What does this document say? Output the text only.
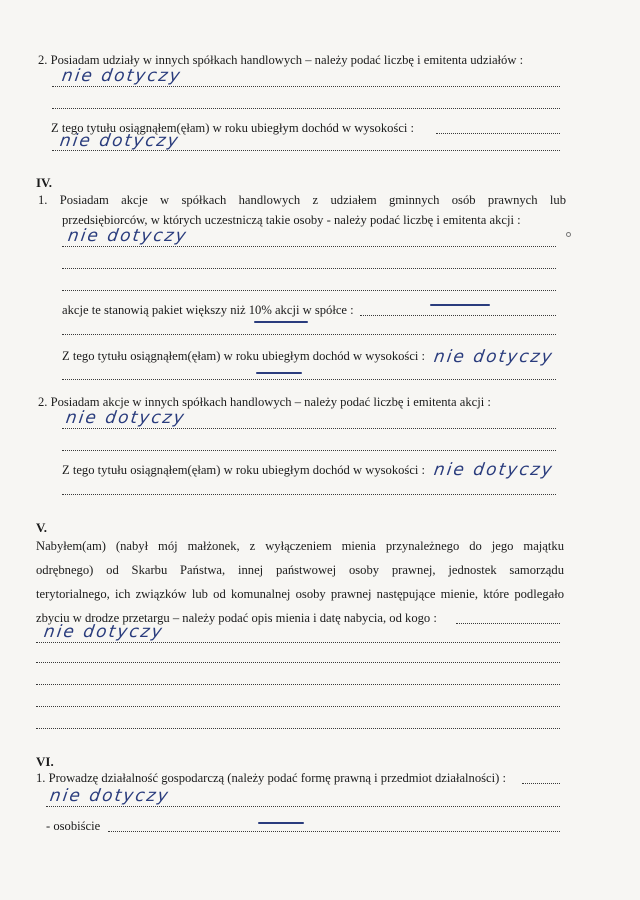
2. Posiadam udziały w innych spółkach handlowych – należy podać liczbę i emitenta udziałów :
nie dotyczy
Z tego tytułu osiągnąłem(ęłam) w roku ubiegłym dochód w wysokości :
nie dotyczy
IV.
1. Posiadam akcje w spółkach handlowych z udziałem gminnych osób prawnych lub
przedsiębiorców, w których uczestniczą takie osoby - należy podać liczbę i emitenta akcji :
nie dotyczy
akcje te stanowią pakiet większy niż 10% akcji w spółce :
Z tego tytułu osiągnąłem(ęłam) w roku ubiegłym dochód w wysokości : nie dotyczy
2. Posiadam akcje w innych spółkach handlowych – należy podać liczbę i emitenta akcji :
nie dotyczy
Z tego tytułu osiągnąłem(ęłam) w roku ubiegłym dochód w wysokości : nie dotyczy
V.
Nabyłem(am) (nabył mój małżonek, z wyłączeniem mienia przynależnego do jego majątku
odrębnego) od Skarbu Państwa, innej państwowej osoby prawnej, jednostek samorządu
terytorialnego, ich związków lub od komunalnej osoby prawnej następujące mienie, które podlegało
zbyciu w drodze przetargu – należy podać opis mienia i datę nabycia, od kogo :
nie dotyczy
VI.
1. Prowadzę działalność gospodarczą (należy podać formę prawną i przedmiot działalności) :
nie dotyczy
- osobiście
